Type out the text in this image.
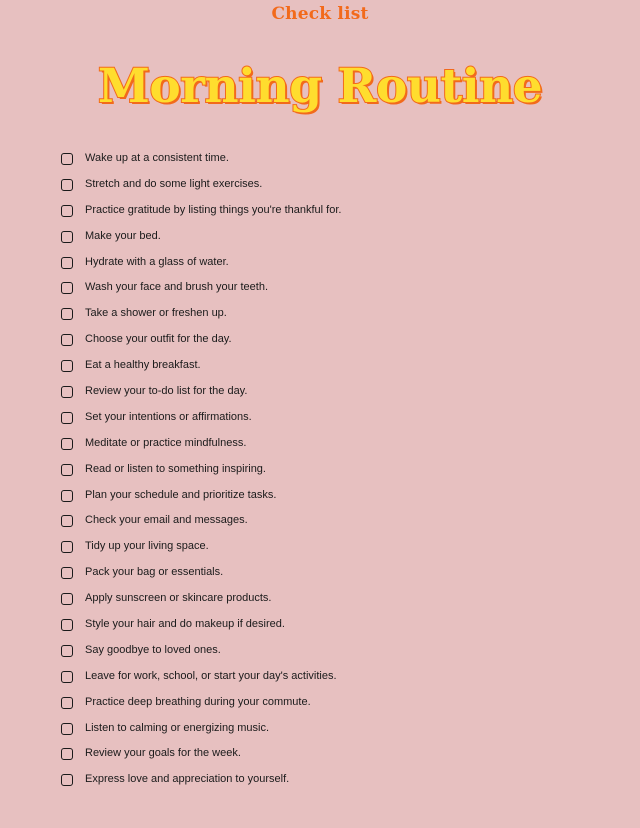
Check list
Morning Routine
Wake up at a consistent time.
Stretch and do some light exercises.
Practice gratitude by listing things you're thankful for.
Make your bed.
Hydrate with a glass of water.
Wash your face and brush your teeth.
Take a shower or freshen up.
Choose your outfit for the day.
Eat a healthy breakfast.
Review your to-do list for the day.
Set your intentions or affirmations.
Meditate or practice mindfulness.
Read or listen to something inspiring.
Plan your schedule and prioritize tasks.
Check your email and messages.
Tidy up your living space.
Pack your bag or essentials.
Apply sunscreen or skincare products.
Style your hair and do makeup if desired.
Say goodbye to loved ones.
Leave for work, school, or start your day's activities.
Practice deep breathing during your commute.
Listen to calming or energizing music.
Review your goals for the week.
Express love and appreciation to yourself.
